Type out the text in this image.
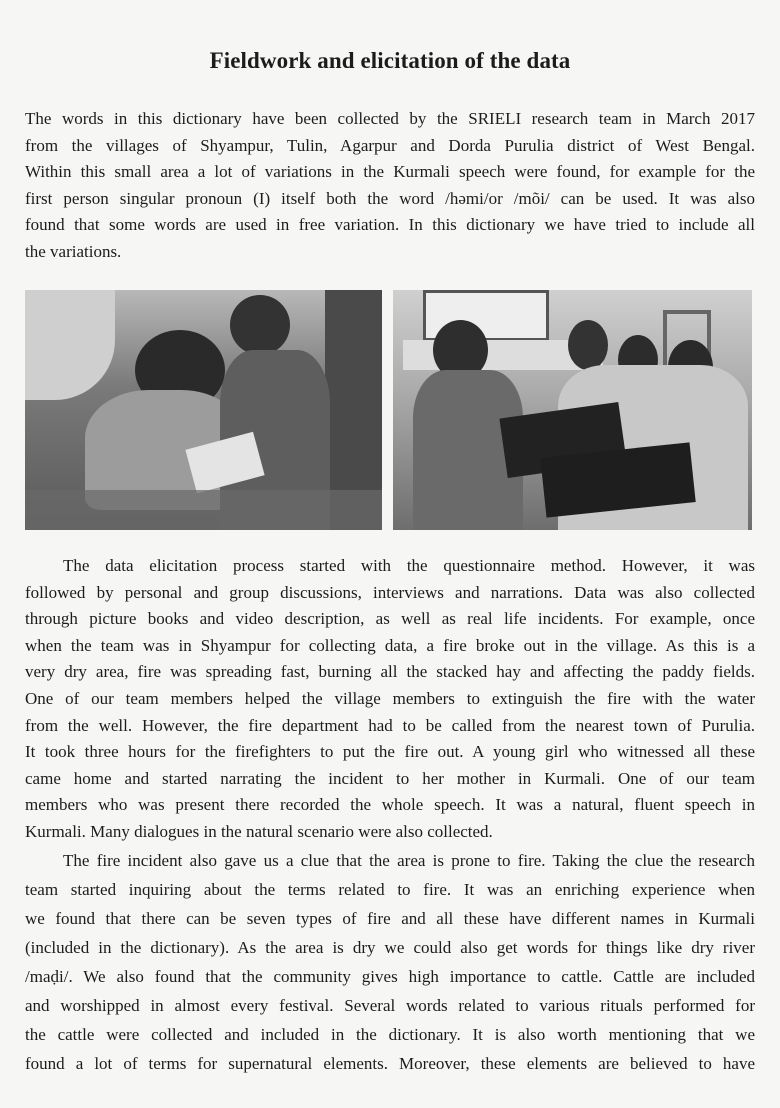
Fieldwork and elicitation of the data
The words in this dictionary have been collected by the SRIELI research team in March 2017
from the villages of Shyampur, Tulin, Agarpur and Dorda Purulia district of West Bengal.
Within this small area a lot of variations in the Kurmali speech were found, for example for the
first person singular pronoun (I) itself both the word /həmi/or /mõi/ can be used. It was also
found that some words are used in free variation. In this dictionary we have tried to include all
the variations.
The data elicitation process started with the questionnaire method. However, it was
followed by personal and group discussions, interviews and narrations. Data was also collected
through picture books and video description, as well as real life incidents. For example, once
when the team was in Shyampur for collecting data, a fire broke out in the village. As this is a
very dry area, fire was spreading fast, burning all the stacked hay and affecting the paddy fields.
One of our team members helped the village members to extinguish the fire with the water
from the well. However, the fire department had to be called from the nearest town of Purulia.
It took three hours for the firefighters to put the fire out. A young girl who witnessed all these
came home and started narrating the incident to her mother in Kurmali. One of our team
members who was present there recorded the whole speech. It was a natural, fluent speech in
Kurmali. Many dialogues in the natural scenario were also collected.
The fire incident also gave us a clue that the area is prone to fire. Taking the clue the research
team started inquiring about the terms related to fire. It was an enriching experience when
we found that there can be seven types of fire and all these have different names in Kurmali
(included in the dictionary). As the area is dry we could also get words for things like dry river
/maḍi/. We also found that the community gives high importance to cattle. Cattle are included
and worshipped in almost every festival. Several words related to various rituals performed for
the cattle were collected and included in the dictionary. It is also worth mentioning that we
found a lot of terms for supernatural elements. Moreover, these elements are believed to have
